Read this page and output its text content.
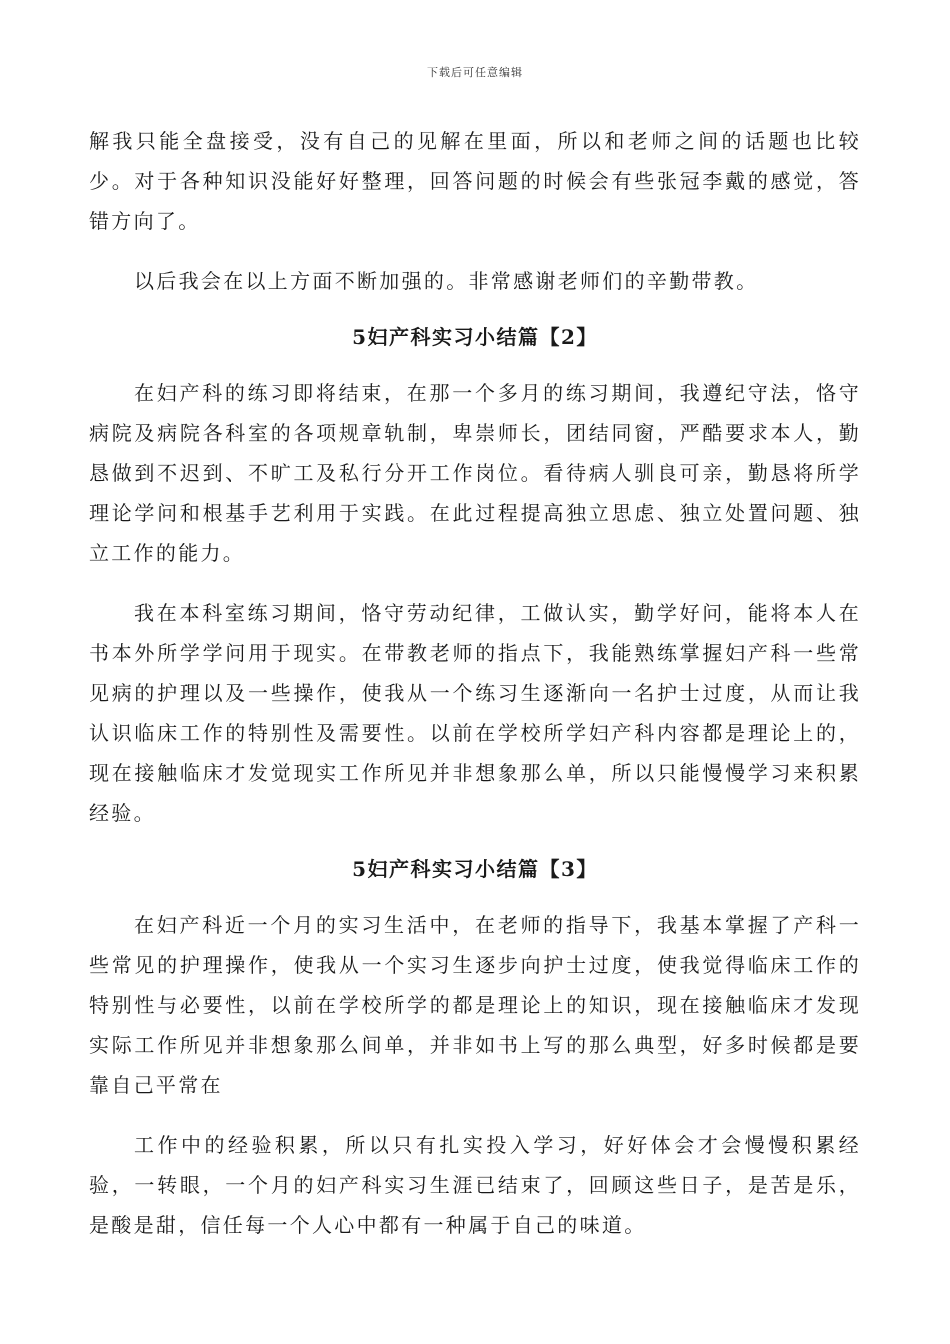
下载后可任意编辑

解我只能全盘接受，没有自己的见解在里面，所以和老师之间的话题也比较少。对于各种知识没能好好整理，回答问题的时候会有些张冠李戴的感觉，答错方向了。

以后我会在以上方面不断加强的。非常感谢老师们的辛勤带教。

5妇产科实习小结篇【2】

在妇产科的练习即将结束，在那一个多月的练习期间，我遵纪守法，恪守病院及病院各科室的各项规章轨制，卑崇师长，团结同窗，严酷要求本人，勤恳做到不迟到、不旷工及私行分开工作岗位。看待病人驯良可亲，勤恳将所学理论学问和根基手艺利用于实践。在此过程提高独立思虑、独立处置问题、独立工作的能力。

我在本科室练习期间，恪守劳动纪律，工做认实，勤学好问，能将本人在书本外所学学问用于现实。在带教老师的指点下，我能熟练掌握妇产科一些常见病的护理以及一些操作，使我从一个练习生逐渐向一名护士过度，从而让我认识临床工作的特别性及需要性。以前在学校所学妇产科内容都是理论上的，现在接触临床才发觉现实工作所见并非想象那么单，所以只能慢慢学习来积累经验。

5妇产科实习小结篇【3】

在妇产科近一个月的实习生活中，在老师的指导下，我基本掌握了产科一些常见的护理操作，使我从一个实习生逐步向护士过度，使我觉得临床工作的特别性与必要性，以前在学校所学的都是理论上的知识，现在接触临床才发现实际工作所见并非想象那么间单，并非如书上写的那么典型，好多时候都是要靠自己平常在

工作中的经验积累，所以只有扎实投入学习，好好体会才会慢慢积累经验，一转眼，一个月的妇产科实习生涯已结束了，回顾这些日子，是苦是乐，是酸是甜，信任每一个人心中都有一种属于自己的味道。
